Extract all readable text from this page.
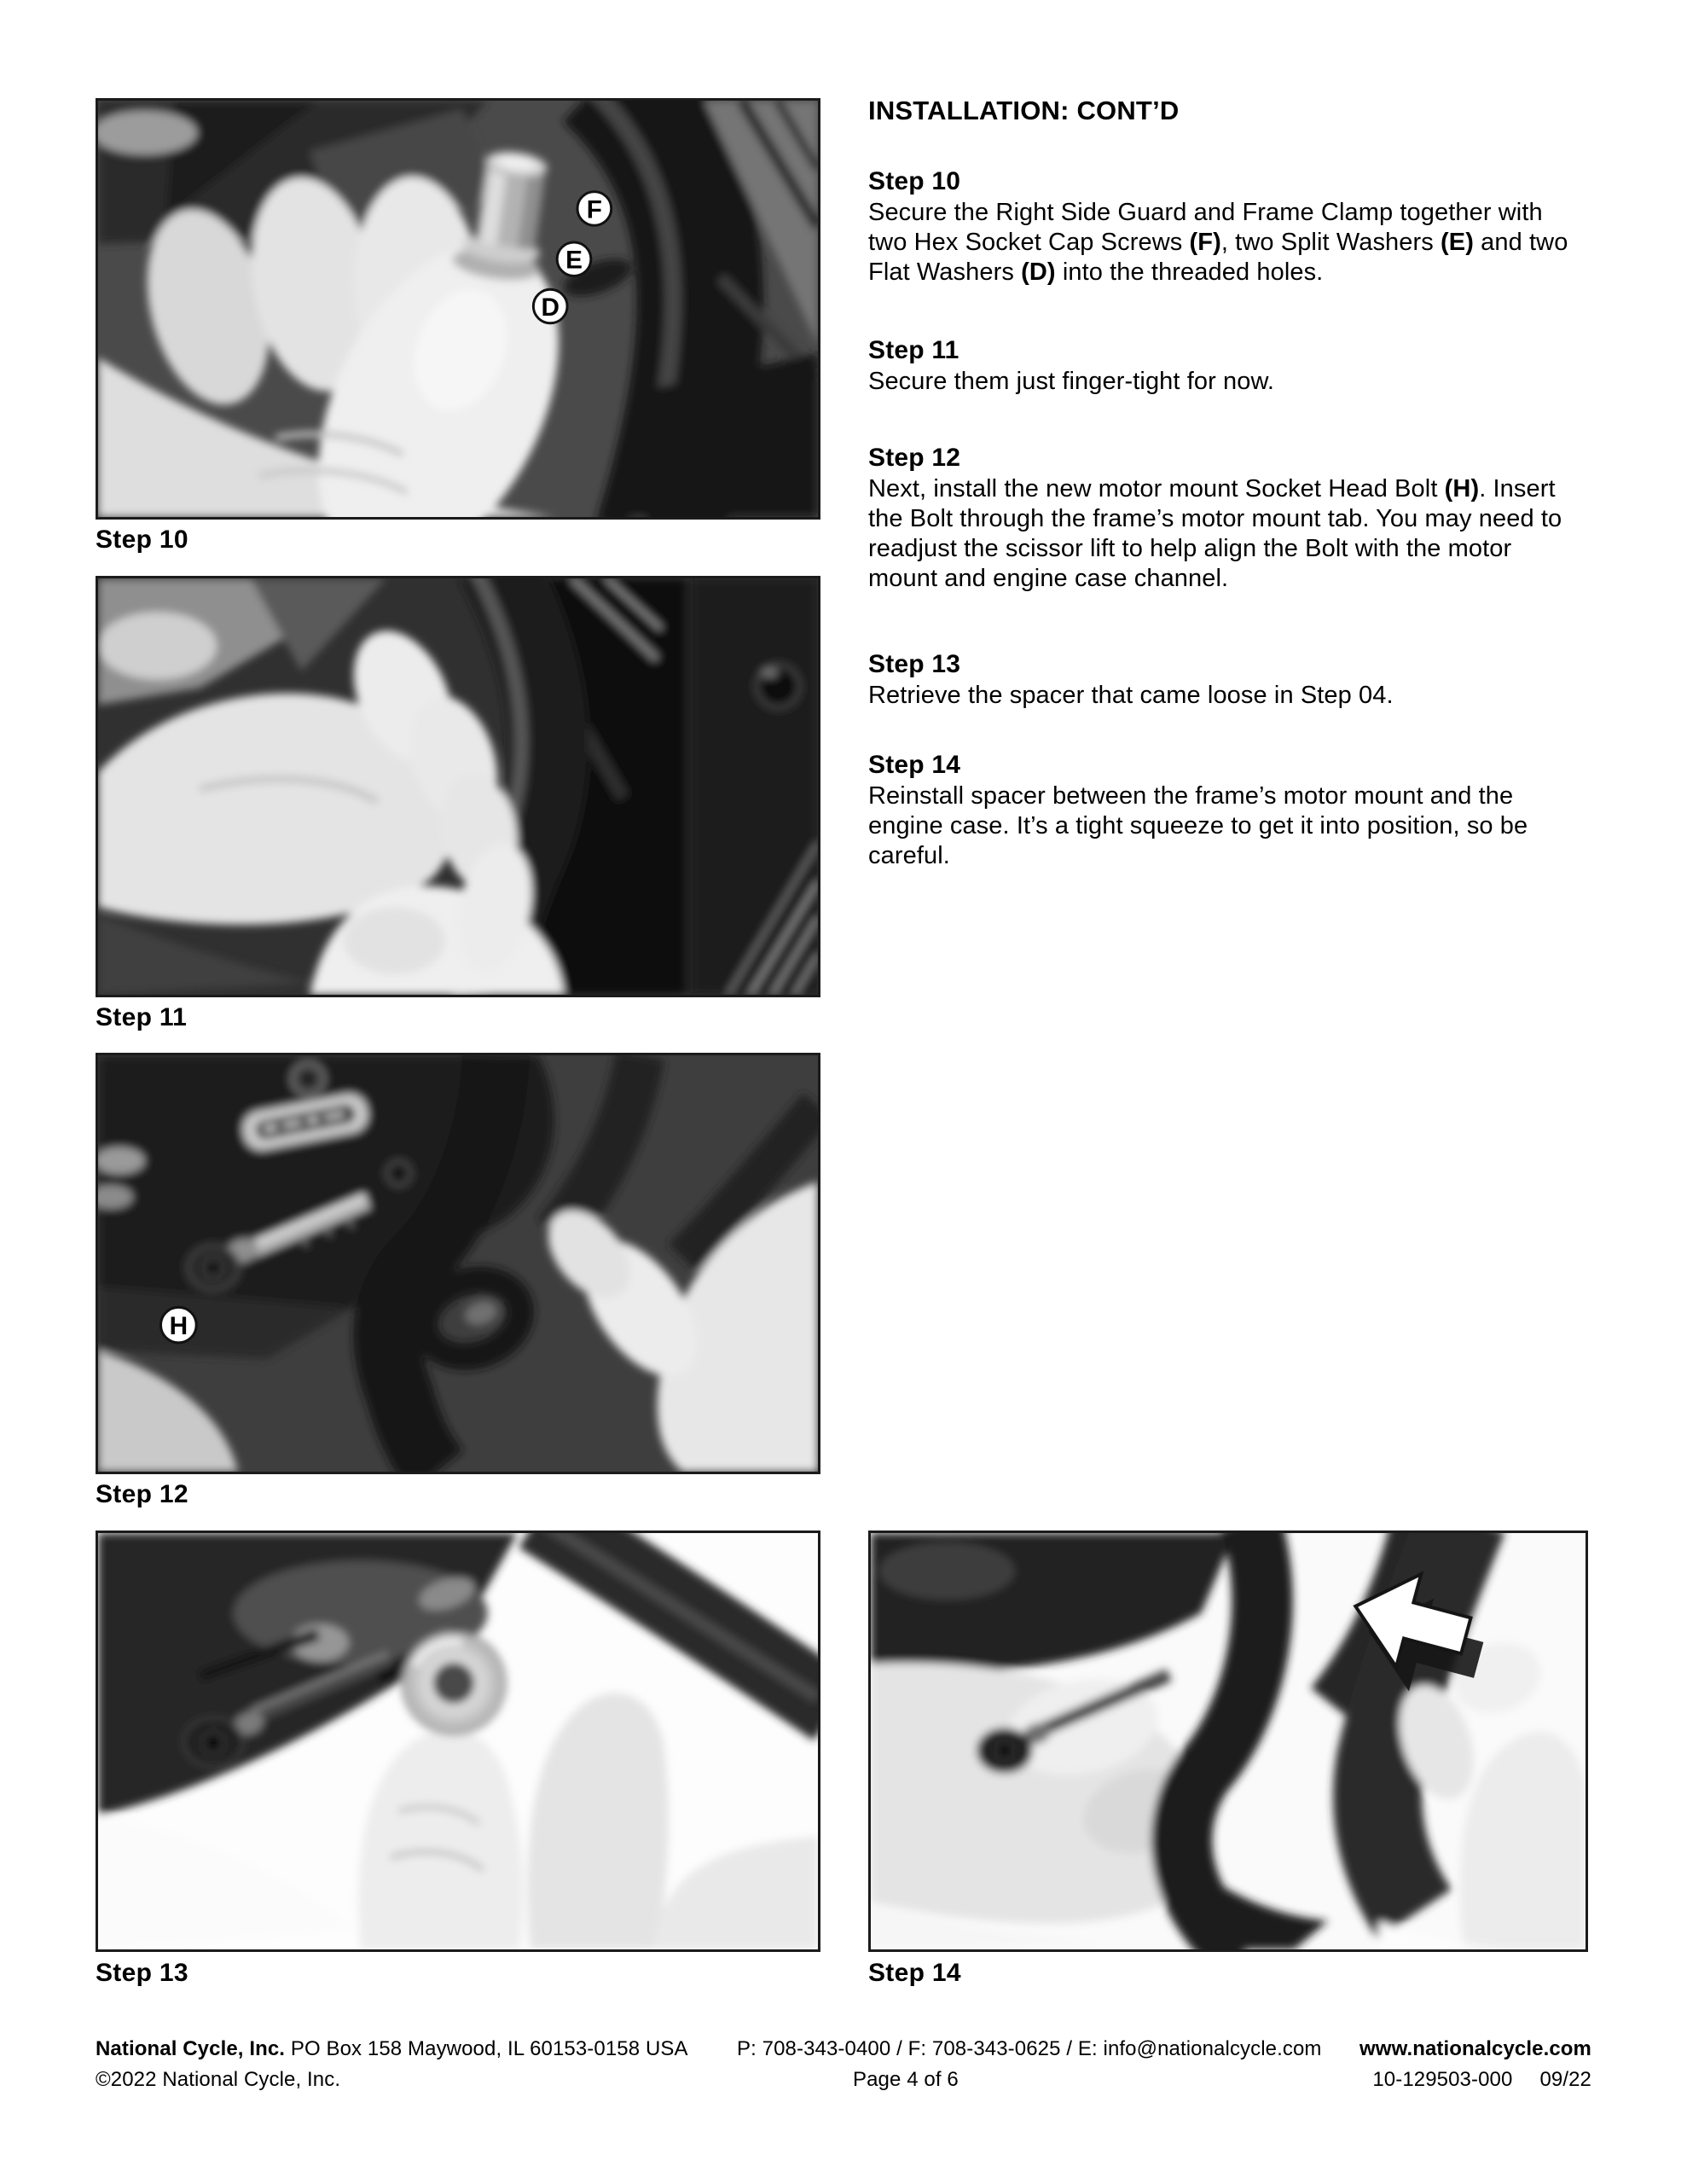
F
E
D
Step 10
Step 11
H
Step 12
Step 13	Step 14
INSTALLATION: CONT’D
Step 10
Secure the Right Side Guard and Frame Clamp together with
two Hex Socket Cap Screws (F), two Split Washers (E) and two
Flat Washers (D) into the threaded holes.
Step 11
Secure them just finger-tight for now.
Step 12
Next, install the new motor mount Socket Head Bolt (H). Insert
the Bolt through the frame’s motor mount tab. You may need to
readjust the scissor lift to help align the Bolt with the motor
mount and engine case channel.
Step 13
Retrieve the spacer that came loose in Step 04.
Step 14
Reinstall spacer between the frame’s motor mount and the
engine case. It’s a tight squeeze to get it into position, so be
careful.
National Cycle, Inc. PO Box 158 Maywood, IL 60153-0158 USA P: 708-343-0400 / F: 708-343-0625 / E: info@nationalcycle.com www.nationalcycle.com
©2022 National Cycle, Inc.	Page 4 of 6	10-129503-000 09/22
